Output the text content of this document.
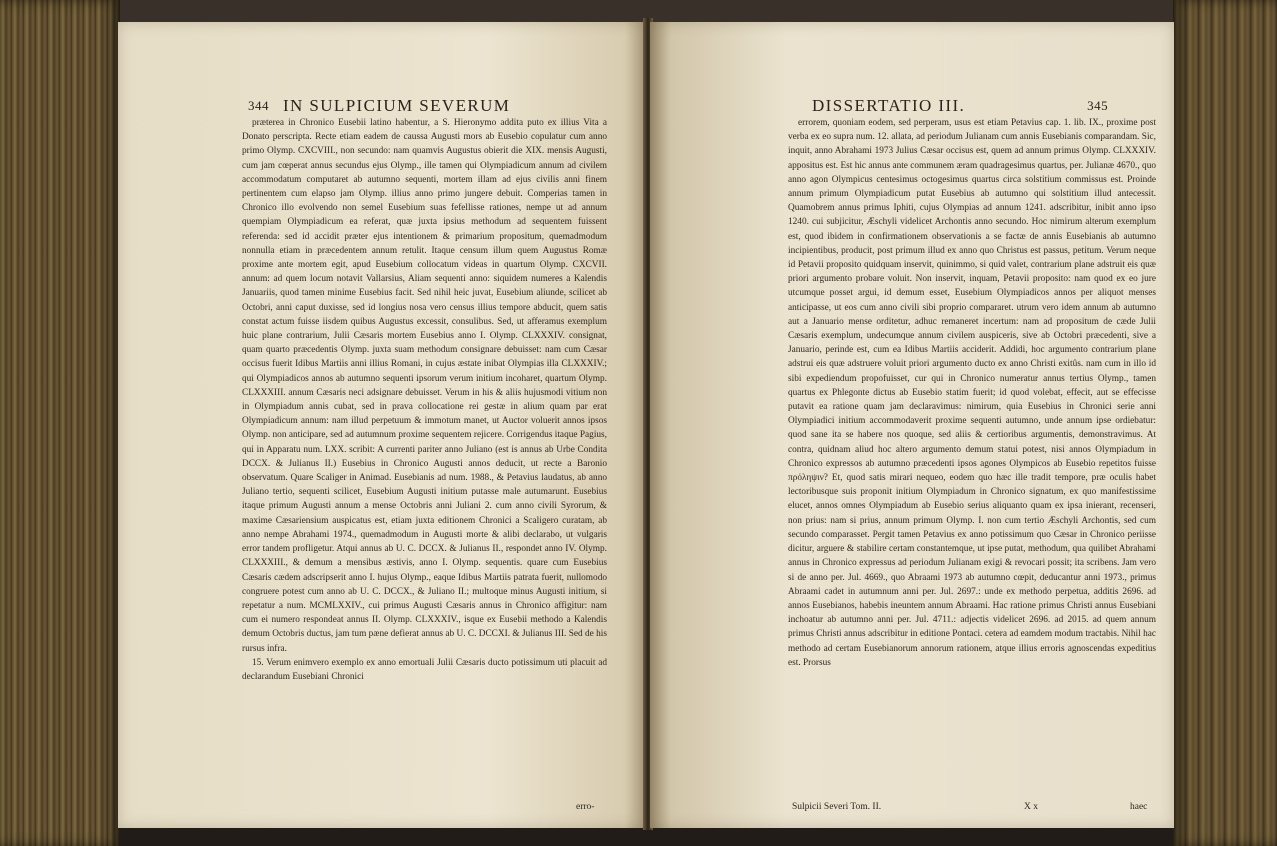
344 IN SULPICIUM SEVERUM

præterea in Chronico Eusebii latino habentur, a S. Hieronymo addita puto ex illius Vita a Donato perscripta. Recte etiam eadem de caussa Augusti mors ab Eusebio copulatur cum anno primo Olymp. CXCVIII., non secundo: nam quamvis Augustus obierit die XIX. mensis Augusti, cum jam cœperat annus secundus ejus Olymp., ille tamen qui Olympiadicum annum ad civilem accommodatum computaret ab autumno sequenti, mortem illam ad ejus civilis anni finem pertinentem cum elapso jam Olymp. illius anno primo jungere debuit. Comperias tamen in Chronico illo evolvendo non semel Eusebium suas fefellisse rationes, nempe ut ad annum quempiam Olympiadicum ea referat, quæ juxta ipsius methodum ad sequentem fuissent referenda: sed id accidit præter ejus intentionem & primarium propositum, quemadmodum nonnulla etiam in præcedentem annum retulit. Itaque censum illum quem Augustus Romæ proxime ante mortem egit, apud Eusebium collocatum videas in quartum Olymp. CXCVII. annum: ad quem locum notavit Vallarsius, Aliam sequenti anno: siquidem numeres a Kalendis Januariis, quod tamen minime Eusebius facit. Sed nihil heic juvat, Eusebium aliunde, scilicet ab Octobri, anni caput duxisse, sed id longius nosa vero census illius tempore abducit, quem satis constat actum fuisse iisdem quibus Augustus excessit, consulibus. Sed, ut afferamus exemplum huic plane contrarium, Julii Cæsaris mortem Eusebius anno I. Olymp. CLXXXIV. consignat, quam quarto præcedentis Olymp. juxta suam methodum consignare debuisset: nam cum Cæsar occisus fuerit Idibus Martiis anni illius Romani, in cujus æstate inibat Olympias illa CLXXXIV.; qui Olympiadicos annos ab autumno sequenti ipsorum verum initium incoharet, quartum Olymp. CLXXXIII. annum Cæsaris neci adsignare debuisset. Verum in his & aliis hujusmodi vitium non in Olympiadum annis cubat, sed in prava collocatione rei gestæ in alium quam par erat Olympiadicum annum: nam illud perpetuum & immotum manet, ut Auctor voluerit annos ipsos Olymp. non anticipare, sed ad autumnum proxime sequentem rejicere. Corrigendus itaque Pagius, qui in Apparatu num. LXX. scribit: A currenti pariter anno Juliano (est is annus ab Urbe Condita DCCX. & Julianus II.) Eusebius in Chronico Augusti annos deducit, ut recte a Baronio observatum. Quare Scaliger in Animad. Eusebianis ad num. 1988., & Petavius laudatus, ab anno Juliano tertio, sequenti scilicet, Eusebium Augusti initium putasse male autumarunt. Eusebius itaque primum Augusti annum a mense Octobris anni Juliani 2. cum anno civili Syrorum, & maxime Cæsariensium auspicatus est, etiam juxta editionem Chronici a Scaligero curatam, ab anno nempe Abrahami 1974., quemadmodum in Augusti morte & alibi declarabo, ut vulgaris error tandem profligetur. Atqui annus ab U. C. DCCX. & Julianus II., respondet anno IV. Olymp. CLXXXIII., & demum a mensibus æstivis, anno I. Olymp. sequentis. quare cum Eusebius Cæsaris cædem adscripserit anno I. hujus Olymp., eaque Idibus Martiis patrata fuerit, nullomodo congruere potest cum anno ab U. C. DCCX., & Juliano II.; multoque minus Augusti initium, si repetatur a num. MCMLXXIV., cui primus Augusti Cæsaris annus in Chronico affigitur: nam cum ei numero respondeat annus II. Olymp. CLXXXIV., isque ex Eusebii methodo a Kalendis demum Octobris ductus, jam tum pæne defierat annus ab U. C. DCCXI. & Julianus III. Sed de his rursus infra.

15. Verum enimvero exemplo ex anno emortuali Julii Cæsaris ducto potissimum uti placuit ad declarandum Eusebiani Chronici

erro-
DISSERTATIO III.	345

errorem, quoniam eodem, sed perperam, usus est etiam Petavius cap. 1. lib. IX., proxime post verba ex eo supra num. 12. allata, ad periodum Julianam cum annis Eusebianis comparandam. Sic, inquit, anno Abrahami 1973 Julius Cæsar occisus est, quem ad annum primus Olymp. CLXXXIV. appositus est. Est hic annus ante communem æram quadragesimus quartus, per. Julianæ 4670., quo anno agon Olympicus centesimus octogesimus quartus circa solstitium commissus est. Proinde annum primum Olympiadicum putat Eusebius ab autumno qui solstitium illud antecessit. Quamobrem annus primus Iphiti, cujus Olympias ad annum 1241. adscribitur, inibit anno ipso 1240. cui subjicitur, Æschyli videlicet Archontis anno secundo. Hoc nimirum alterum exemplum est, quod ibidem in confirmationem observationis a se factæ de annis Eusebianis ab autumno incipientibus, producit, post primum illud ex anno quo Christus est passus, petitum. Verum neque id Petavii proposito quidquam inservit, quinimmo, si quid valet, contrarium plane adstruit eis quæ priori argumento probare voluit. Non inservit, inquam, Petavii proposito: nam quod ex eo jure utcumque posset argui, id demum esset, Eusebium Olympiadicos annos per aliquot menses anticipasse, ut eos cum anno civili sibi proprio compararet. utrum vero idem annum ab autumno aut a Januario mense orditetur, adhuc remaneret incertum: nam ad propositum de cæde Julii Cæsaris exemplum, undecumque annum civilem auspiceris, sive ab Octobri præcedenti, sive a Januario, perinde est, cum ea Idibus Martiis acciderit. Addidi, hoc argumento contrarium plane adstrui eis quæ adstruere voluit priori argumento ducto ex anno Christi exitûs. nam cum in illo id sibi expediendum propofuisset, cur qui in Chronico numeratur annus tertius Olymp., tamen quartus ex Phlegonte dictus ab Eusebio statim fuerit; id quod volebat, effecit, aut se effecisse putavit ea ratione quam jam declaravimus: nimirum, quia Eusebius in Chronici serie anni Olympiadici initium accommodaverit proxime sequenti autumno, unde annum ipse ordiebatur: quod sane ita se habere nos quoque, sed aliis & certioribus argumentis, demonstravimus. At contra, quidnam aliud hoc altero argumento demum statui potest, nisi annos Olympiadum in Chronico expressos ab autumno præcedenti ipsos agones Olympicos ab Eusebio repetitos fuisse πρόληψιν? Et, quod satis mirari nequeo, eodem quo hæc ille tradit tempore, præ oculis habet lectoribusque suis proponit initium Olympiadum in Chronico signatum, ex quo manifestissime elucet, annos omnes Olympiadum ab Eusebio serius aliquanto quam ex ipsa inierant, recenseri, non prius: nam si prius, annum primum Olymp. I. non cum tertio Æschyli Archontis, sed cum secundo comparasset. Pergit tamen Petavius ex anno potissimum quo Cæsar in Chronico periisse dicitur, arguere & stabilire certam constantemque, ut ipse putat, methodum, qua quilibet Abrahami annus in Chronico expressus ad periodum Julianam exigi & revocari possit; ita scribens. Jam vero si de anno per. Jul. 4669., quo Abraami 1973 ab autumno cœpit, deducantur anni 1973., primus Abraami cadet in autumnum anni per. Jul. 2697.: unde ex methodo perpetua, additis 2696. ad annos Eusebianos, habebis ineuntem annum Abraami. Hac ratione primus Christi annus Eusebiani inchoatur ab autumno anni per. Jul. 4711.: adjectis videlicet 2696. ad 2015. ad quem annum primus Christi annus adscribitur in editione Pontaci. cetera ad eamdem modum tractabis. Nihil hac methodo ad certam Eusebianorum annorum rationem, atque illius erroris agnoscendas expeditius est. Prorsus

Sulpicii Severi Tom. II.	X x	haec
